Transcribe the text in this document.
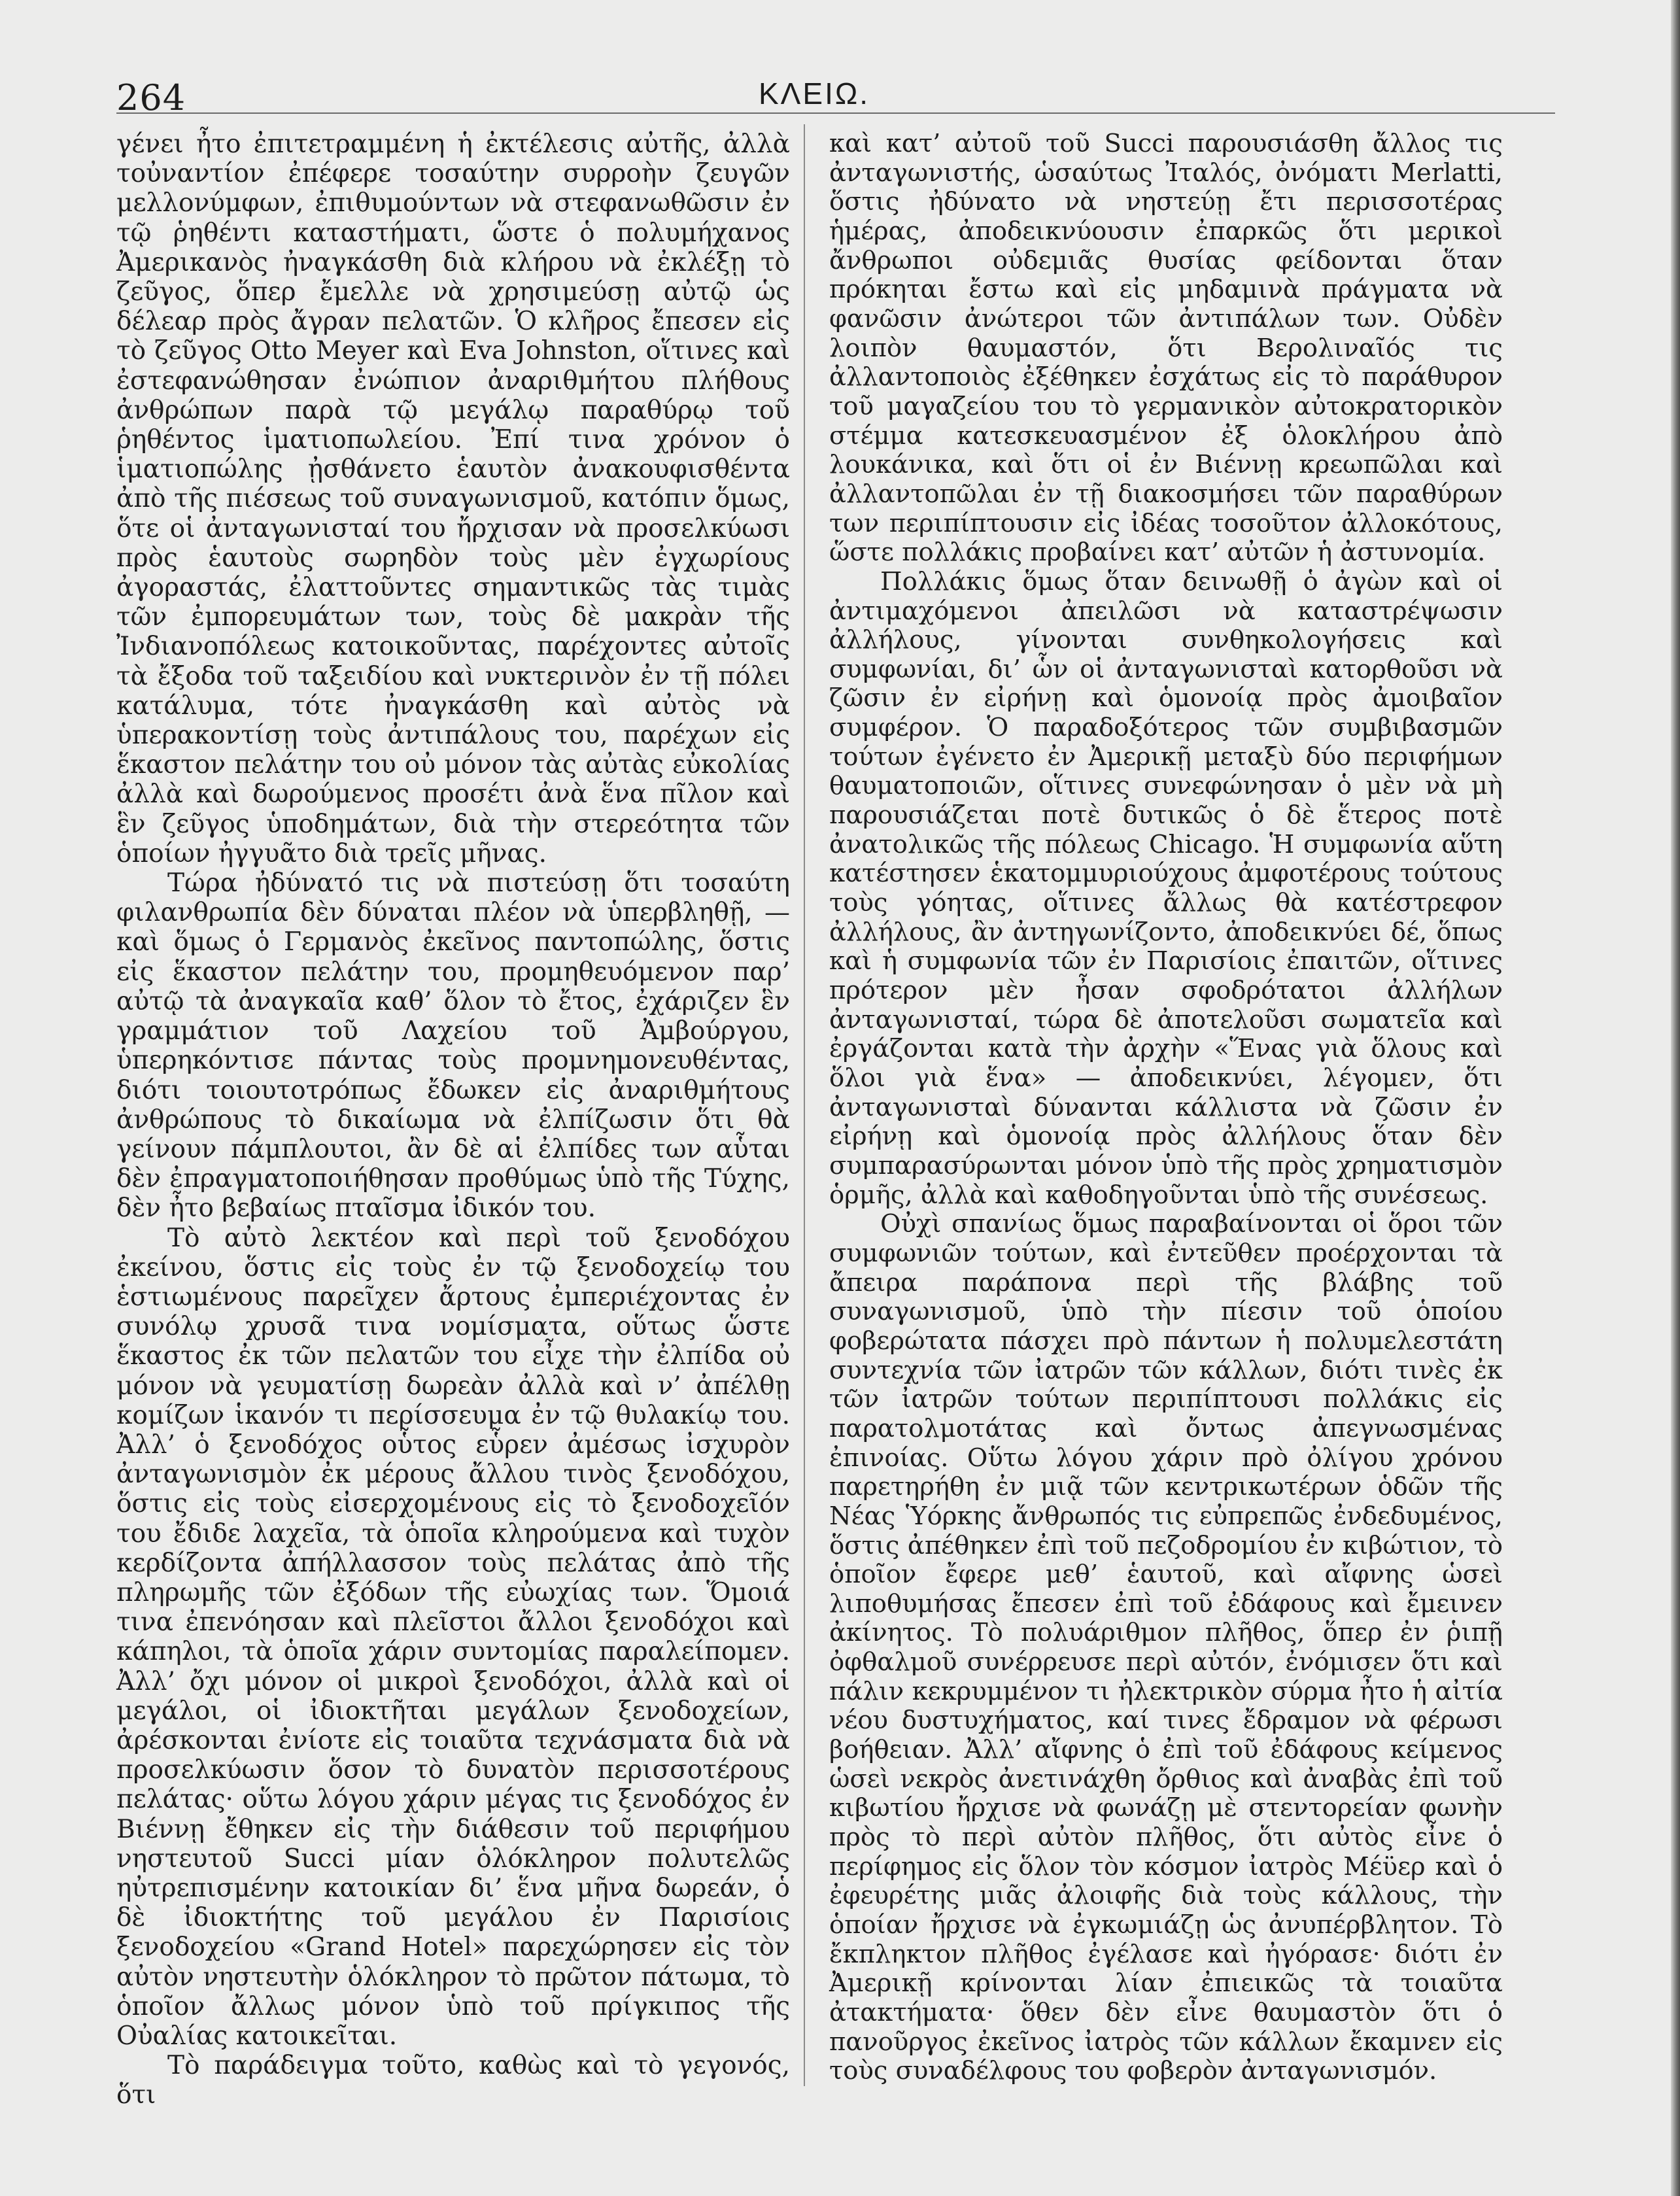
264	ΚΛΕΙΩ.

γένει ἦτο ἐπιτετραμμένη ἡ ἐκτέλεσις αὐτῆς, ἀλλὰ τοὐναντίον ἐπέφερε τοσαύτην συρροὴν ζευγῶν μελλονύμφων, ἐπιθυμούντων νὰ στεφανωθῶσιν ἐν τῷ ῥηθέντι καταστήματι, ὥστε ὁ πολυμήχανος Ἀμερικανὸς ἠναγκάσθη διὰ κλήρου νὰ ἐκλέξῃ τὸ ζεῦγος, ὅπερ ἔμελλε νὰ χρησιμεύσῃ αὐτῷ ὡς δέλεαρ πρὸς ἄγραν πελατῶν. Ὁ κλῆρος ἔπεσεν εἰς τὸ ζεῦγος Otto Meyer καὶ Eva Johnston, οἵτινες καὶ ἐστεφανώθησαν ἐνώπιον ἀναριθμήτου πλήθους ἀνθρώπων παρὰ τῷ μεγάλῳ παραθύρῳ τοῦ ῥηθέντος ἱματιοπωλείου. Ἐπί τινα χρόνον ὁ ἱματιοπώλης ᾐσθάνετο ἑαυτὸν ἀνακουφισθέντα ἀπὸ τῆς πιέσεως τοῦ συναγωνισμοῦ, κατόπιν ὅμως, ὅτε οἱ ἀνταγωνισταί του ἤρχισαν νὰ προσελκύωσι πρὸς ἑαυτοὺς σωρηδὸν τοὺς μὲν ἐγχωρίους ἀγοραστάς, ἐλαττοῦντες σημαντικῶς τὰς τιμὰς τῶν ἐμπορευμάτων των, τοὺς δὲ μακρὰν τῆς Ἰνδιανοπόλεως κατοικοῦντας, παρέχοντες αὐτοῖς τὰ ἔξοδα τοῦ ταξειδίου καὶ νυκτερινὸν ἐν τῇ πόλει κατάλυμα, τότε ἠναγκάσθη καὶ αὐτὸς νὰ ὑπερακοντίσῃ τοὺς ἀντιπάλους του, παρέχων εἰς ἕκαστον πελάτην του οὐ μόνον τὰς αὐτὰς εὐκολίας ἀλλὰ καὶ δωρούμενος προσέτι ἀνὰ ἕνα πῖλον καὶ ἓν ζεῦγος ὑποδημάτων, διὰ τὴν στερεότητα τῶν ὁποίων ἠγγυᾶτο διὰ τρεῖς μῆνας.

Τώρα ἠδύνατό τις νὰ πιστεύσῃ ὅτι τοσαύτη φιλανθρωπία δὲν δύναται πλέον νὰ ὑπερβληθῇ, — καὶ ὅμως ὁ Γερμανὸς ἐκεῖνος παντοπώλης, ὅστις εἰς ἕκαστον πελάτην του, προμηθευόμενον παρ’ αὐτῷ τὰ ἀναγκαῖα καθ’ ὅλον τὸ ἔτος, ἐχάριζεν ἓν γραμμάτιον τοῦ Λαχείου τοῦ Ἀμβούργου, ὑπερηκόντισε πάντας τοὺς προμνημονευθέντας, διότι τοιουτοτρόπως ἔδωκεν εἰς ἀναριθμήτους ἀνθρώπους τὸ δικαίωμα νὰ ἐλπίζωσιν ὅτι θὰ γείνουν πάμπλουτοι, ἂν δὲ αἱ ἐλπίδες των αὗται δὲν ἐπραγματοποιήθησαν προθύμως ὑπὸ τῆς Τύχης, δὲν ἦτο βεβαίως πταῖσμα ἰδικόν του.

Τὸ αὐτὸ λεκτέον καὶ περὶ τοῦ ξενοδόχου ἐκείνου, ὅστις εἰς τοὺς ἐν τῷ ξενοδοχείῳ του ἑστιωμένους παρεῖχεν ἄρτους ἐμπεριέχοντας ἐν συνόλῳ χρυσᾶ τινα νομίσματα, οὕτως ὥστε ἕκαστος ἐκ τῶν πελατῶν του εἶχε τὴν ἐλπίδα οὐ μόνον νὰ γευματίσῃ δωρεὰν ἀλλὰ καὶ ν’ ἀπέλθῃ κομίζων ἱκανόν τι περίσσευμα ἐν τῷ θυλακίῳ του. Ἀλλ’ ὁ ξενοδόχος οὗτος εὗρεν ἀμέσως ἰσχυρὸν ἀνταγωνισμὸν ἐκ μέρους ἄλλου τινὸς ξενοδόχου, ὅστις εἰς τοὺς εἰσερχομένους εἰς τὸ ξενοδοχεῖόν του ἔδιδε λαχεῖα, τὰ ὁποῖα κληρούμενα καὶ τυχὸν κερδίζοντα ἀπήλλασσον τοὺς πελάτας ἀπὸ τῆς πληρωμῆς τῶν ἐξόδων τῆς εὐωχίας των. Ὅμοιά τινα ἐπενόησαν καὶ πλεῖστοι ἄλλοι ξενοδόχοι καὶ κάπηλοι, τὰ ὁποῖα χάριν συντομίας παραλείπομεν. Ἀλλ’ ὄχι μόνον οἱ μικροὶ ξενοδόχοι, ἀλλὰ καὶ οἱ μεγάλοι, οἱ ἰδιοκτῆται μεγάλων ξενοδοχείων, ἀρέσκονται ἐνίοτε εἰς τοιαῦτα τεχνάσματα διὰ νὰ προσελκύωσιν ὅσον τὸ δυνατὸν περισσοτέρους πελάτας· οὕτω λόγου χάριν μέγας τις ξενοδόχος ἐν Βιέννῃ ἔθηκεν εἰς τὴν διάθεσιν τοῦ περιφήμου νηστευτοῦ Succi μίαν ὁλόκληρον πολυτελῶς ηὐτρεπισμένην κατοικίαν δι’ ἕνα μῆνα δωρεάν, ὁ δὲ ἰδιοκτήτης τοῦ μεγάλου ἐν Παρισίοις ξενοδοχείου «Grand Hotel» παρεχώρησεν εἰς τὸν αὐτὸν νηστευτὴν ὁλόκληρον τὸ πρῶτον πάτωμα, τὸ ὁποῖον ἄλλως μόνον ὑπὸ τοῦ πρίγκιπος τῆς Οὐαλίας κατοικεῖται.

Τὸ παράδειγμα τοῦτο, καθὼς καὶ τὸ γεγονός, ὅτι

καὶ κατ’ αὐτοῦ τοῦ Succi παρουσιάσθη ἄλλος τις ἀνταγωνιστής, ὡσαύτως Ἰταλός, ὀνόματι Merlatti, ὅστις ἠδύνατο νὰ νηστεύῃ ἔτι περισσοτέρας ἡμέρας, ἀποδεικνύουσιν ἐπαρκῶς ὅτι μερικοὶ ἄνθρωποι οὐδεμιᾶς θυσίας φείδονται ὅταν πρόκηται ἔστω καὶ εἰς μηδαμινὰ πράγματα νὰ φανῶσιν ἀνώτεροι τῶν ἀντιπάλων των. Οὐδὲν λοιπὸν θαυμαστόν, ὅτι Βερολιναῖός τις ἀλλαντοποιὸς ἐξέθηκεν ἐσχάτως εἰς τὸ παράθυρον τοῦ μαγαζείου του τὸ γερμανικὸν αὐτοκρατορικὸν στέμμα κατεσκευασμένον ἐξ ὁλοκλήρου ἀπὸ λουκάνικα, καὶ ὅτι οἱ ἐν Βιέννῃ κρεωπῶλαι καὶ ἀλλαντοπῶλαι ἐν τῇ διακοσμήσει τῶν παραθύρων των περιπίπτουσιν εἰς ἰδέας τοσοῦτον ἀλλοκότους, ὥστε πολλάκις προβαίνει κατ’ αὐτῶν ἡ ἀστυνομία.

Πολλάκις ὅμως ὅταν δεινωθῇ ὁ ἀγὼν καὶ οἱ ἀντιμαχόμενοι ἀπειλῶσι νὰ καταστρέψωσιν ἀλλήλους, γίνονται συνθηκολογήσεις καὶ συμφωνίαι, δι’ ὧν οἱ ἀνταγωνισταὶ κατορθοῦσι νὰ ζῶσιν ἐν εἰρήνῃ καὶ ὁμονοίᾳ πρὸς ἀμοιβαῖον συμφέρον. Ὁ παραδοξότερος τῶν συμβιβασμῶν τούτων ἐγένετο ἐν Ἀμερικῇ μεταξὺ δύο περιφήμων θαυματοποιῶν, οἵτινες συνεφώνησαν ὁ μὲν νὰ μὴ παρουσιάζεται ποτὲ δυτικῶς ὁ δὲ ἕτερος ποτὲ ἀνατολικῶς τῆς πόλεως Chicago. Ἡ συμφωνία αὕτη κατέστησεν ἑκατομμυριούχους ἀμφοτέρους τούτους τοὺς γόητας, οἵτινες ἄλλως θὰ κατέστρεφον ἀλλήλους, ἂν ἀντηγωνίζοντο, ἀποδεικνύει δέ, ὅπως καὶ ἡ συμφωνία τῶν ἐν Παρισίοις ἐπαιτῶν, οἵτινες πρότερον μὲν ἦσαν σφοδρότατοι ἀλλήλων ἀνταγωνισταί, τώρα δὲ ἀποτελοῦσι σωματεῖα καὶ ἐργάζονται κατὰ τὴν ἀρχὴν «Ἕνας γιὰ ὅλους καὶ ὅλοι γιὰ ἕνα» — ἀποδεικνύει, λέγομεν, ὅτι ἀνταγωνισταὶ δύνανται κάλλιστα νὰ ζῶσιν ἐν εἰρήνῃ καὶ ὁμονοίᾳ πρὸς ἀλλήλους ὅταν δὲν συμπαρασύρωνται μόνον ὑπὸ τῆς πρὸς χρηματισμὸν ὁρμῆς, ἀλλὰ καὶ καθοδηγοῦνται ὑπὸ τῆς συνέσεως.

Οὐχὶ σπανίως ὅμως παραβαίνονται οἱ ὅροι τῶν συμφωνιῶν τούτων, καὶ ἐντεῦθεν προέρχονται τὰ ἄπειρα παράπονα περὶ τῆς βλάβης τοῦ συναγωνισμοῦ, ὑπὸ τὴν πίεσιν τοῦ ὁποίου φοβερώτατα πάσχει πρὸ πάντων ἡ πολυμελεστάτη συντεχνία τῶν ἰατρῶν τῶν κάλλων, διότι τινὲς ἐκ τῶν ἰατρῶν τούτων περιπίπτουσι πολλάκις εἰς παρατολμοτάτας καὶ ὄντως ἀπεγνωσμένας ἐπινοίας. Οὕτω λόγου χάριν πρὸ ὀλίγου χρόνου παρετηρήθη ἐν μιᾷ τῶν κεντρικωτέρων ὁδῶν τῆς Νέας Ὑόρκης ἄνθρωπός τις εὐπρεπῶς ἐνδεδυμένος, ὅστις ἀπέθηκεν ἐπὶ τοῦ πεζοδρομίου ἐν κιβώτιον, τὸ ὁποῖον ἔφερε μεθ’ ἑαυτοῦ, καὶ αἴφνης ὡσεὶ λιποθυμήσας ἔπεσεν ἐπὶ τοῦ ἐδάφους καὶ ἔμεινεν ἀκίνητος. Τὸ πολυάριθμον πλῆθος, ὅπερ ἐν ῥιπῇ ὀφθαλμοῦ συνέρρευσε περὶ αὐτόν, ἐνόμισεν ὅτι καὶ πάλιν κεκρυμμένον τι ἠλεκτρικὸν σύρμα ἦτο ἡ αἰτία νέου δυστυχήματος, καί τινες ἔδραμον νὰ φέρωσι βοήθειαν. Ἀλλ’ αἴφνης ὁ ἐπὶ τοῦ ἐδάφους κείμενος ὡσεὶ νεκρὸς ἀνετινάχθη ὄρθιος καὶ ἀναβὰς ἐπὶ τοῦ κιβωτίου ἤρχισε νὰ φωνάζῃ μὲ στεντορείαν φωνὴν πρὸς τὸ περὶ αὐτὸν πλῆθος, ὅτι αὐτὸς εἶνε ὁ περίφημος εἰς ὅλον τὸν κόσμον ἰατρὸς Μέϋερ καὶ ὁ ἐφευρέτης μιᾶς ἀλοιφῆς διὰ τοὺς κάλλους, τὴν ὁποίαν ἤρχισε νὰ ἐγκωμιάζῃ ὡς ἀνυπέρβλητον. Τὸ ἔκπληκτον πλῆθος ἐγέλασε καὶ ἠγόρασε· διότι ἐν Ἀμερικῇ κρίνονται λίαν ἐπιεικῶς τὰ τοιαῦτα ἀτακτήματα· ὅθεν δὲν εἶνε θαυμαστὸν ὅτι ὁ πανοῦργος ἐκεῖνος ἰατρὸς τῶν κάλλων ἔκαμνεν εἰς τοὺς συναδέλφους του φοβερὸν ἀνταγωνισμόν.
